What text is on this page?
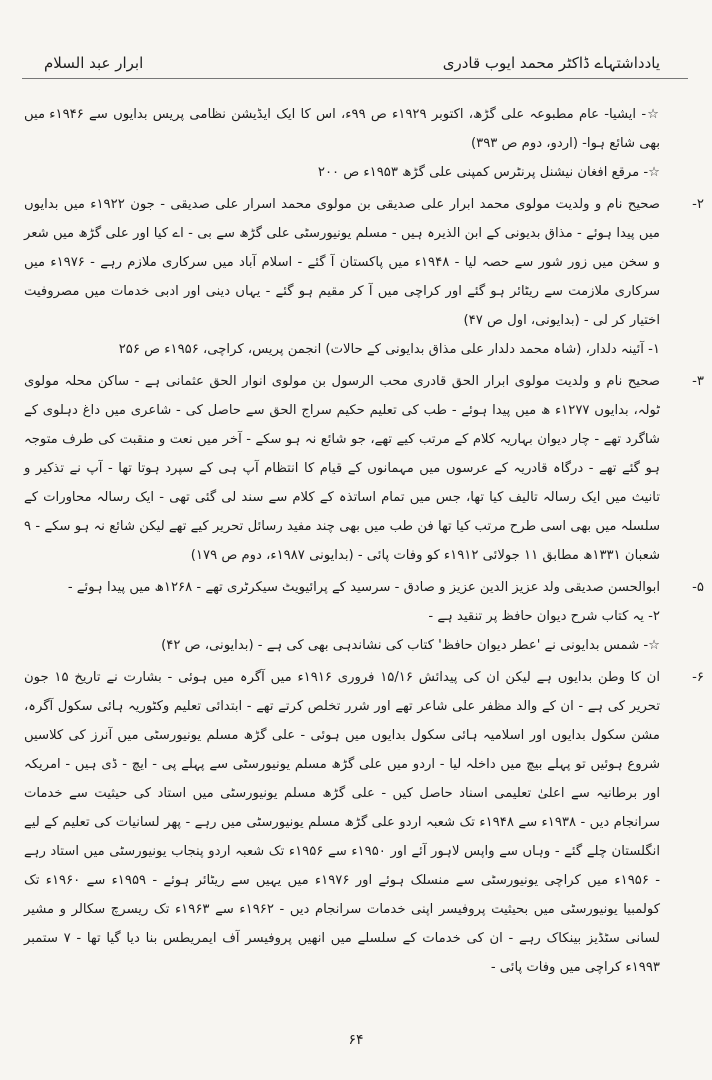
یادداشتہاے ڈاکٹر محمد ایوب قادری
ابرار عبد السلام

☆- ایشیا- عام مطبوعہ علی گڑھ، اکتوبر ۱۹۲۹ء ص ۹۹ء، اس کا ایک ایڈیشن نظامی پریس بدایوں سے ۱۹۴۶ء میں بھی شائع ہوا- (اردو، دوم ص ۳۹۳)

☆- مرقع افغان نیشنل پرنٹرس کمپنی علی گڑھ ۱۹۵۳ء ص ۲۰۰

۲-

صحیح نام و ولدیت مولوی محمد ابرار علی صدیقی بن مولوی محمد اسرار علی صدیقی - جون ۱۹۲۲ء میں بدایوں میں پیدا ہوئے - مذاق بدیونی کے ابن الذیرہ ہیں - مسلم یونیورسٹی علی گڑھ سے بی - اے کیا اور علی گڑھ میں شعر و سخن میں زور شور سے حصہ لیا - ۱۹۴۸ء میں پاکستان آ گئے - اسلام آباد میں سرکاری ملازم رہے - ۱۹۷۶ء میں سرکاری ملازمت سے ریٹائر ہو گئے اور کراچی میں آ کر مقیم ہو گئے - یہاں دینی اور ادبی خدمات میں مصروفیت اختیار کر لی - (بدایونی، اول ص ۴۷)

۱- آئینہ دلدار، (شاہ محمد دلدار علی مذاق بدایونی کے حالات) انجمن پریس، کراچی، ۱۹۵۶ء ص ۲۵۶

۳-

صحیح نام و ولدیت مولوی ابرار الحق قادری محب الرسول بن مولوی انوار الحق عثمانی ہے - ساکن محلہ مولوی ٹولہ، بدایوں ۱۲۷۷ء ھ میں پیدا ہوئے - طب کی تعلیم حکیم سراج الحق سے حاصل کی - شاعری میں داغ دہلوی کے شاگرد تھے - چار دیوان بہاریہ کلام کے مرتب کیے تھے، جو شائع نہ ہو سکے - آخر میں نعت و منقبت کی طرف متوجہ ہو گئے تھے - درگاہ قادریہ کے عرسوں میں مہمانوں کے قیام کا انتظام آپ ہی کے سپرد ہوتا تھا - آپ نے تذکیر و تانیث میں ایک رسالہ تالیف کیا تھا، جس میں تمام اساتذہ کے کلام سے سند لی گئی تھی - ایک رسالہ محاورات کے سلسلہ میں بھی اسی طرح مرتب کیا تھا فن طب میں بھی چند مفید رسائل تحریر کیے تھے لیکن شائع نہ ہو سکے - ۹ شعبان ۱۳۳۱ھ مطابق ۱۱ جولائی ۱۹۱۲ء کو وفات پائی - (بدایونی ۱۹۸۷ء، دوم ص ۱۷۹)

۵-

ابوالحسن صدیقی ولد عزیز الدین عزیز و صادق - سرسید کے پرائیویٹ سیکرٹری تھے - ۱۲۶۸ھ میں پیدا ہوئے -

۲- یہ کتاب شرح دیوان حافظ پر تنقید ہے -

☆- شمس بدایونی نے 'عطر دیوان حافظ' کتاب کی نشاندہی بھی کی ہے - (بدایونی، ص ۴۲)

۶-

ان کا وطن بدایوں ہے لیکن ان کی پیدائش ۱۵/۱۶ فروری ۱۹۱۶ء میں آگرہ میں ہوئی - بشارت نے تاریخ ۱۵ جون تحریر کی ہے - ان کے والد مظفر علی شاعر تھے اور شرر تخلص کرتے تھے - ابتدائی تعلیم وکٹوریہ ہائی سکول آگرہ، مشن سکول بدایوں اور اسلامیہ ہائی سکول بدایوں میں ہوئی - علی گڑھ مسلم یونیورسٹی میں آنرز کی کلاسیں شروع ہوئیں تو پہلے بیچ میں داخلہ لیا - اردو میں علی گڑھ مسلم یونیورسٹی سے پہلے پی - ایچ - ڈی ہیں - امریکہ اور برطانیہ سے اعلیٰ تعلیمی اسناد حاصل کیں - علی گڑھ مسلم یونیورسٹی میں استاد کی حیثیت سے خدمات سرانجام دیں - ۱۹۳۸ء سے ۱۹۴۸ء تک شعبہ اردو علی گڑھ مسلم یونیورسٹی میں رہے - پھر لسانیات کی تعلیم کے لیے انگلستان چلے گئے - وہاں سے واپس لاہور آئے اور ۱۹۵۰ء سے ۱۹۵۶ء تک شعبہ اردو پنجاب یونیورسٹی میں استاد رہے - ۱۹۵۶ء میں کراچی یونیورسٹی سے منسلک ہوئے اور ۱۹۷۶ء میں یہیں سے ریٹائر ہوئے - ۱۹۵۹ء سے ۱۹۶۰ء تک کولمبیا یونیورسٹی میں بحیثیت پروفیسر اپنی خدمات سرانجام دیں - ۱۹۶۲ء سے ۱۹۶۳ء تک ریسرچ سکالر و مشیر لسانی سٹڈیز بینکاک رہے - ان کی خدمات کے سلسلے میں انھیں پروفیسر آف ایمریطس بنا دیا گیا تھا - ۷ ستمبر ۱۹۹۳ء کراچی میں وفات پائی -

۶۴
